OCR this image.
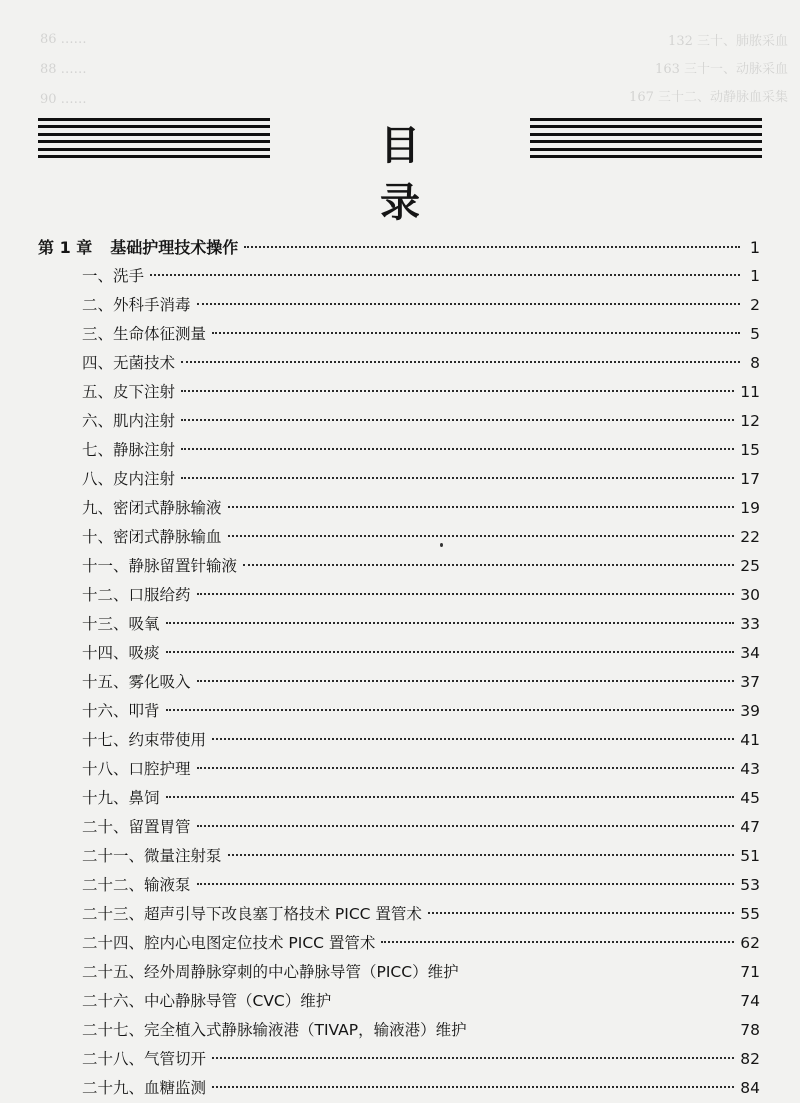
132 三十、肺脓采血
163 三十一、动脉采血
167 三十二、动静脉血采集
86 ……
88 ……
90 ……
目 录
第 1 章 基础护理技术操作	1
一、洗手	1
二、外科手消毒	2
三、生命体征测量	5
四、无菌技术	8
五、皮下注射	11
六、肌内注射	12
七、静脉注射	15
八、皮内注射	17
九、密闭式静脉输液	19
十、密闭式静脉输血	22
十一、静脉留置针输液	25
十二、口服给药	30
十三、吸氧	33
十四、吸痰	34
十五、雾化吸入	37
十六、叩背	39
十七、约束带使用	41
十八、口腔护理	43
十九、鼻饲	45
二十、留置胃管	47
二十一、微量注射泵	51
二十二、输液泵	53
二十三、超声引导下改良塞丁格技术 PICC 置管术	55
二十四、腔内心电图定位技术 PICC 置管术	62
二十五、经外周静脉穿刺的中心静脉导管（PICC）维护	71
二十六、中心静脉导管（CVC）维护	74
二十七、完全植入式静脉输液港（TIVAP，输液港）维护	78
二十八、气管切开	82
二十九、血糖监测	84
